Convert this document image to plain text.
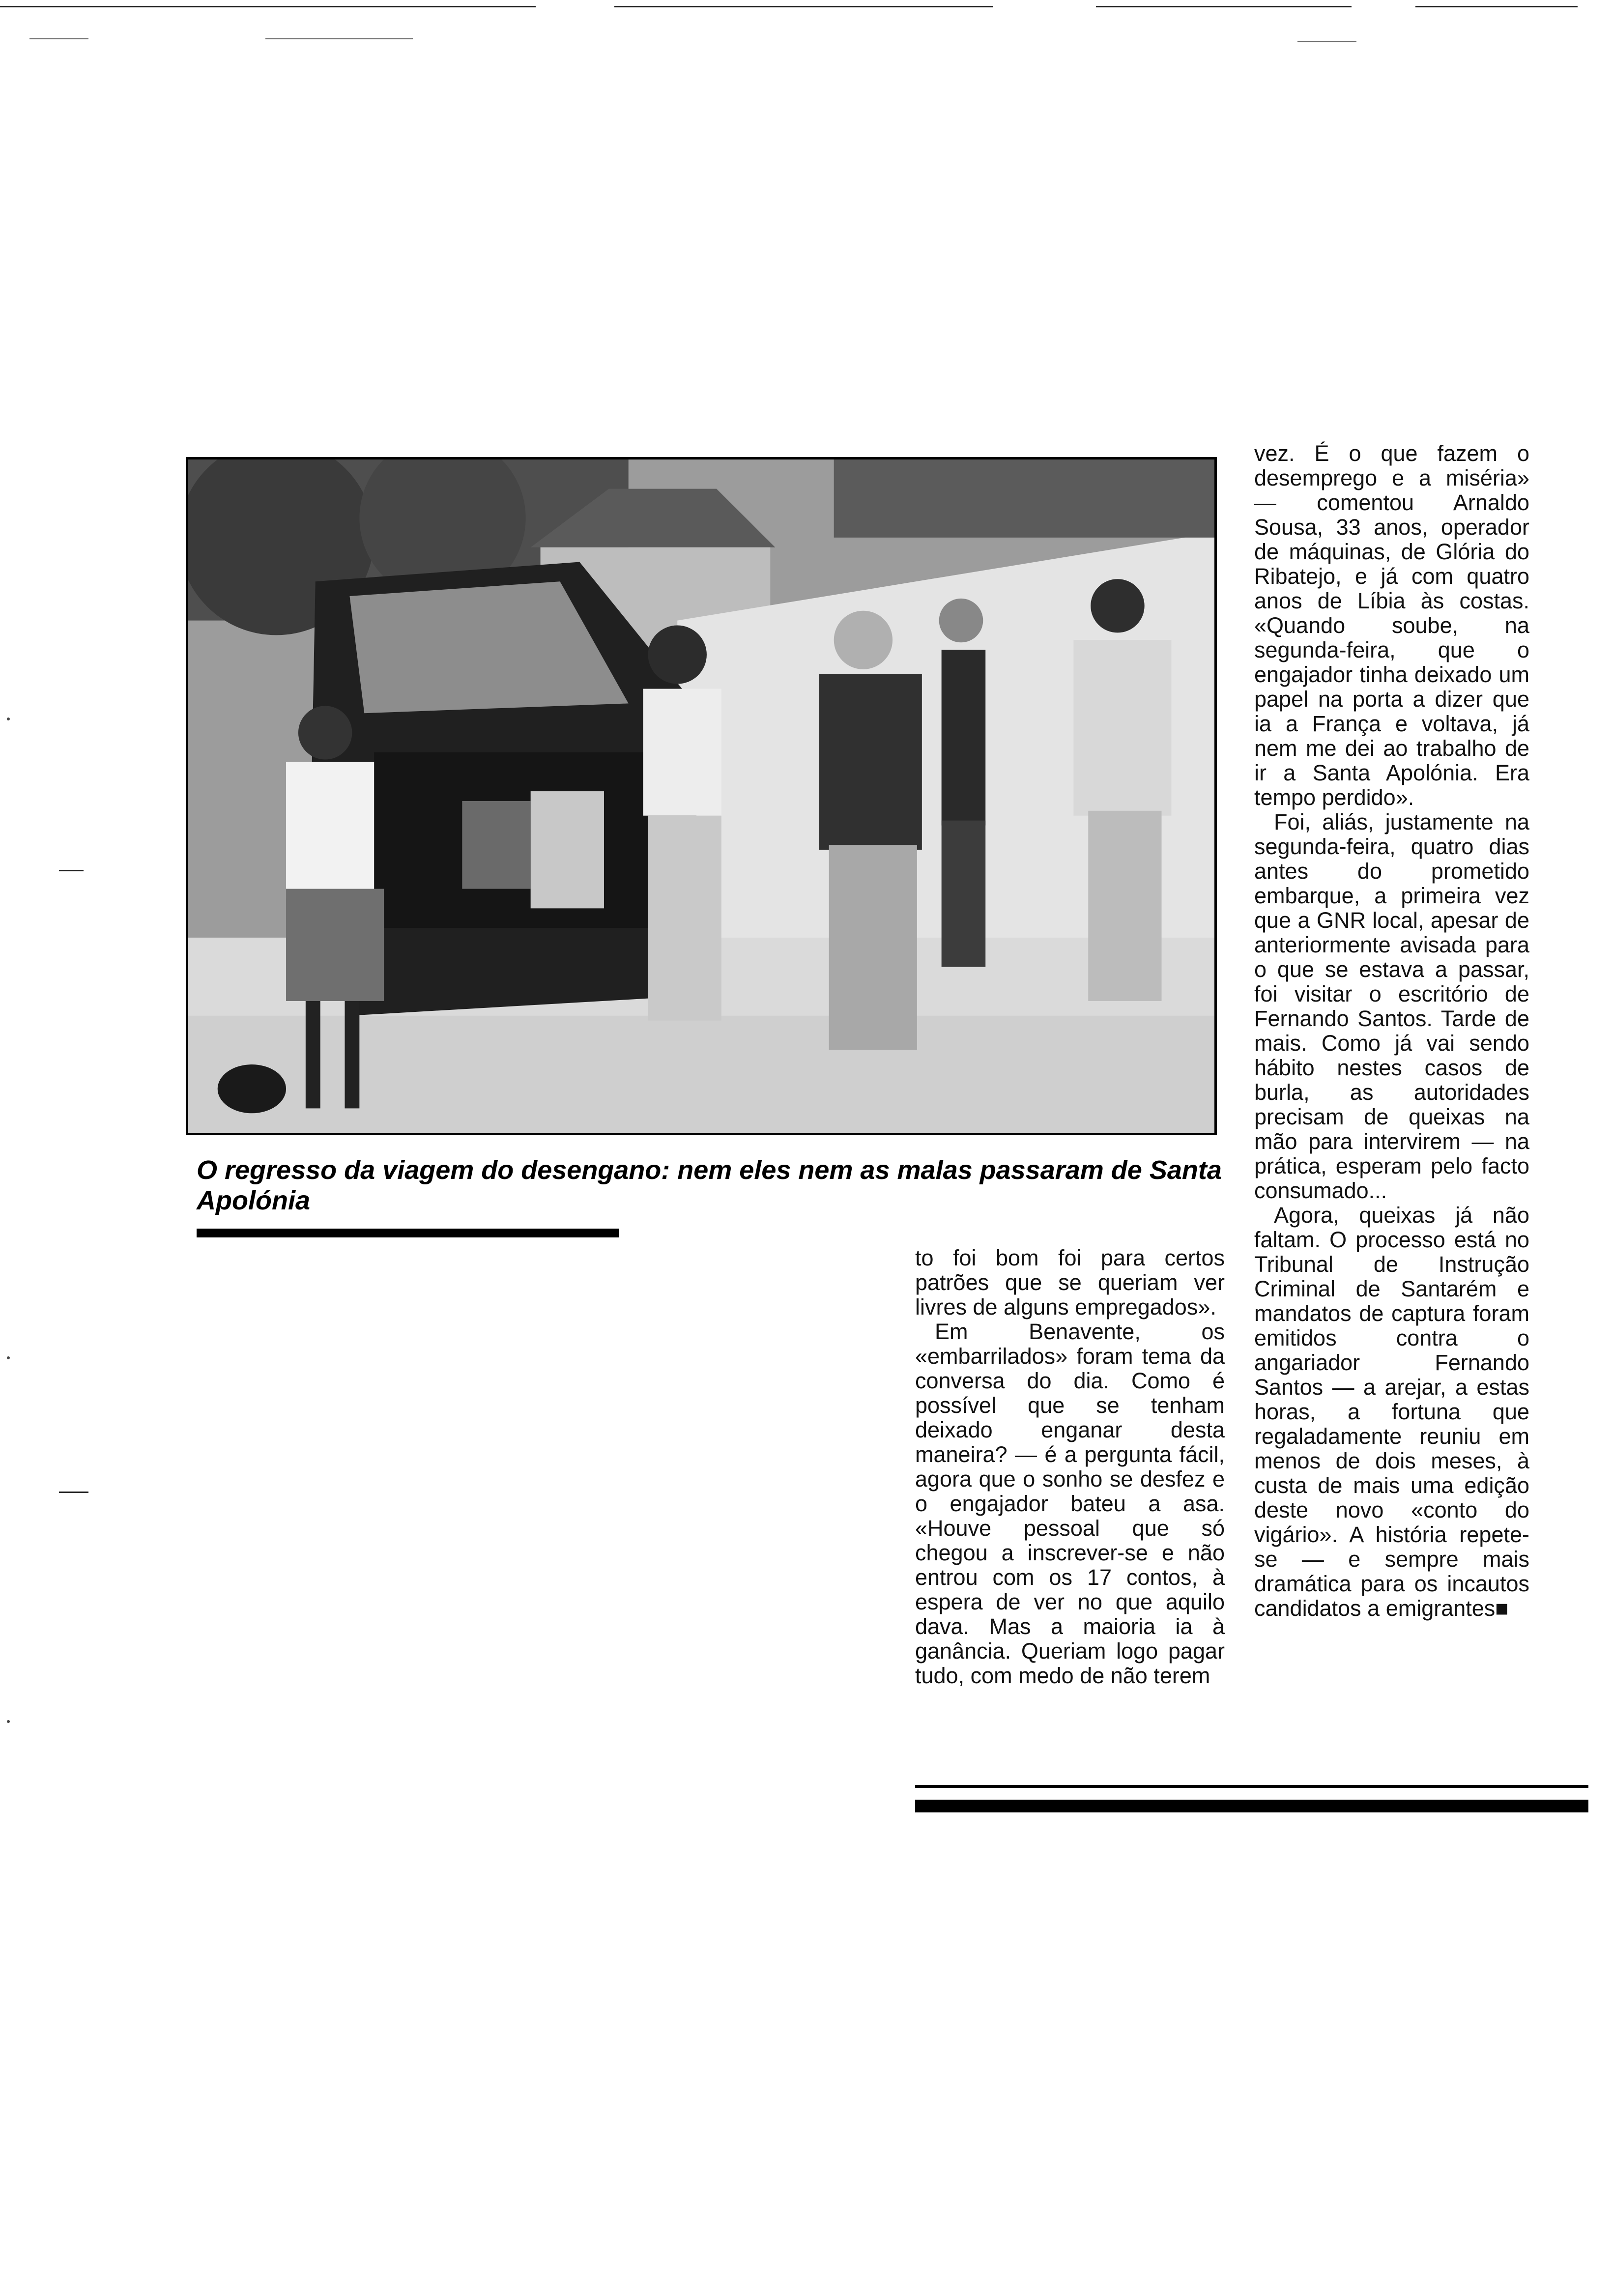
O regresso da viagem do desengano: nem eles nem as malas passaram de Santa Apolónia

to foi bom foi para certos patrões que se queriam ver livres de alguns empregados».

Em Benavente, os «embarrilados» foram tema da conversa do dia. Como é possível que se tenham deixado enganar desta maneira? — é a pergunta fácil, agora que o sonho se desfez e o engajador bateu a asa. «Houve pessoal que só chegou a inscrever-se e não entrou com os 17 contos, à espera de ver no que aquilo dava. Mas a maioria ia à ganância. Queriam logo pagar tudo, com medo de não terem

vez. É o que fazem o desemprego e a miséria» — comentou Arnaldo Sousa, 33 anos, operador de máquinas, de Glória do Ribatejo, e já com quatro anos de Líbia às costas. «Quando soube, na segunda-feira, que o engajador tinha deixado um papel na porta a dizer que ia a França e voltava, já nem me dei ao trabalho de ir a Santa Apolónia. Era tempo perdido».

Foi, aliás, justamente na segunda-feira, quatro dias antes do prometido embarque, a primeira vez que a GNR local, apesar de anteriormente avisada para o que se estava a passar, foi visitar o escritório de Fernando Santos. Tarde de mais. Como já vai sendo hábito nestes casos de burla, as autoridades precisam de queixas na mão para intervirem — na prática, esperam pelo facto consumado...

Agora, queixas já não faltam. O processo está no Tribunal de Instrução Criminal de Santarém e mandatos de captura foram emitidos contra o angariador Fernando Santos — a arejar, a estas horas, a fortuna que regaladamente reuniu em menos de dois meses, à custa de mais uma edição deste novo «conto do vigário». A história repete-se — e sempre mais dramática para os incautos candidatos a emigrantes■
